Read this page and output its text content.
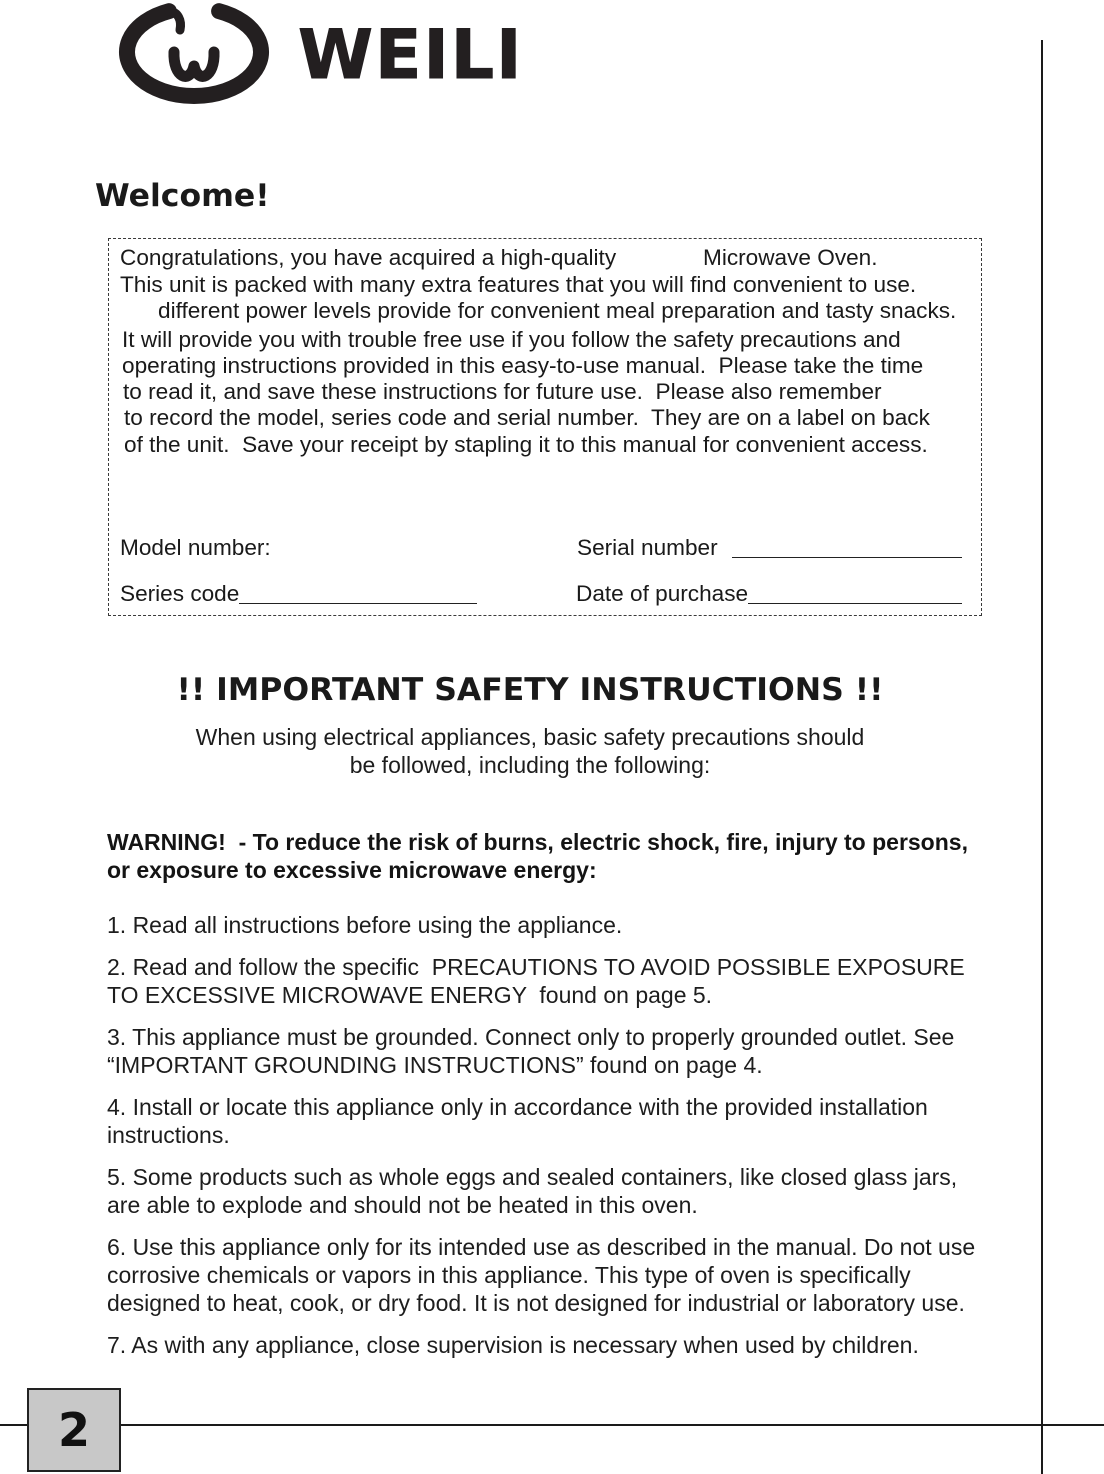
WEILI
Welcome!
Congratulations, you have acquired a high-quality	Microwave Oven.
This unit is packed with many extra features that you will find convenient to use.
different power levels provide for convenient meal preparation and tasty snacks.
It will provide you with trouble free use if you follow the safety precautions and
operating instructions provided in this easy-to-use manual.  Please take the time
to read it, and save these instructions for future use.  Please also remember
to record the model, series code and serial number.  They are on a label on back
of the unit.  Save your receipt by stapling it to this manual for convenient access.
Model number:	Serial number
Series code	Date of purchase
!! IMPORTANT SAFETY INSTRUCTIONS !!
When using electrical appliances, basic safety precautions should
be followed, including the following:
WARNING!  - To reduce the risk of burns, electric shock, fire, injury to persons,
or exposure to excessive microwave energy:
1. Read all instructions before using the appliance.
2. Read and follow the specific  PRECAUTIONS TO AVOID POSSIBLE EXPOSURE
TO EXCESSIVE MICROWAVE ENERGY  found on page 5.
3. This appliance must be grounded. Connect only to properly grounded outlet. See
“IMPORTANT GROUNDING INSTRUCTIONS” found on page 4.
4. Install or locate this appliance only in accordance with the provided installation
instructions.
5. Some products such as whole eggs and sealed containers, like closed glass jars,
are able to explode and should not be heated in this oven.
6. Use this appliance only for its intended use as described in the manual. Do not use
corrosive chemicals or vapors in this appliance. This type of oven is specifically
designed to heat, cook, or dry food. It is not designed for industrial or laboratory use.
7. As with any appliance, close supervision is necessary when used by children.
2
